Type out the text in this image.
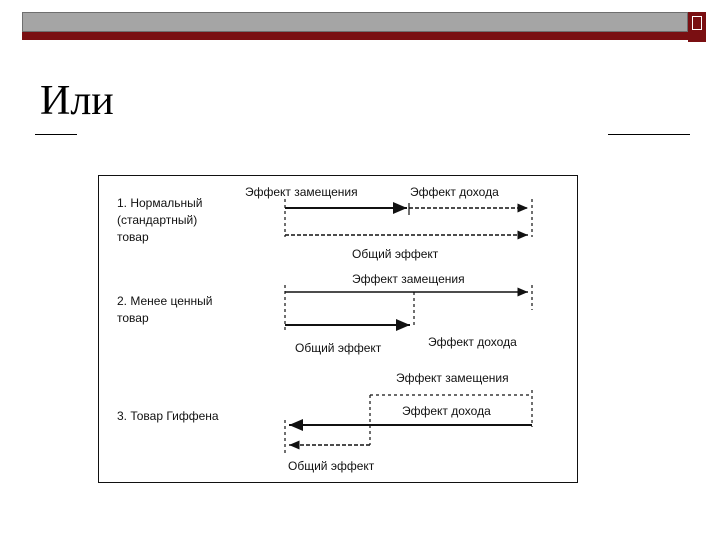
Или
1. Нормальный
(стандартный)
товар
Эффект замещения	Эффект дохода
Общий эффект
Эффект замещения
2. Менее ценный
товар
Эффект дохода
Общий эффект
Эффект замещения
3. Товар Гиффена	Эффект дохода
Общий эффект
